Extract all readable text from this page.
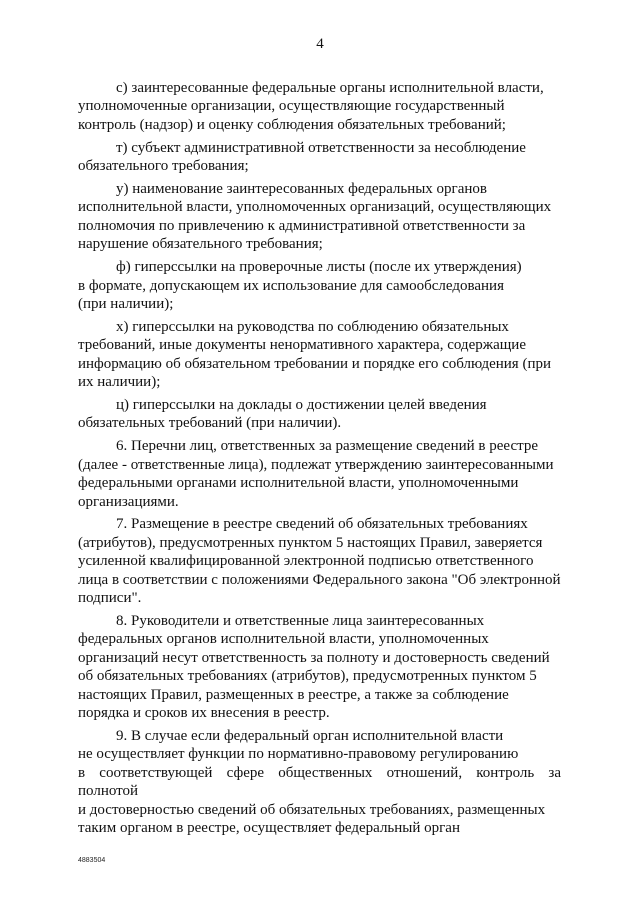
4

с) заинтересованные федеральные органы исполнительной власти,
уполномоченные организации, осуществляющие государственный
контроль (надзор) и оценку соблюдения обязательных требований;

т) субъект административной ответственности за несоблюдение
обязательного требования;

у) наименование заинтересованных федеральных органов
исполнительной власти, уполномоченных организаций, осуществляющих
полномочия по привлечению к административной ответственности за
нарушение обязательного требования;

ф) гиперссылки на проверочные листы (после их утверждения)
в формате, допускающем их использование для самообследования
(при наличии);

х) гиперссылки на руководства по соблюдению обязательных
требований, иные документы ненормативного характера, содержащие
информацию об обязательном требовании и порядке его соблюдения (при
их наличии);

ц) гиперссылки на доклады о достижении целей введения
обязательных требований (при наличии).

6. Перечни лиц, ответственных за размещение сведений в реестре
(далее - ответственные лица), подлежат утверждению заинтересованными
федеральными органами исполнительной власти, уполномоченными
организациями.

7. Размещение в реестре сведений об обязательных требованиях
(атрибутов), предусмотренных пунктом 5 настоящих Правил, заверяется
усиленной квалифицированной электронной подписью ответственного
лица в соответствии с положениями Федерального закона "Об электронной
подписи".

8. Руководители и ответственные лица заинтересованных
федеральных органов исполнительной власти, уполномоченных
организаций несут ответственность за полноту и достоверность сведений
об обязательных требованиях (атрибутов), предусмотренных пунктом 5
настоящих Правил, размещенных в реестре, а также за соблюдение
порядка и сроков их внесения в реестр.

9. В случае если федеральный орган исполнительной власти
не осуществляет функции по нормативно-правовому регулированию
в соответствующей сфере общественных отношений, контроль за полнотой
и достоверностью сведений об обязательных требованиях, размещенных
таким органом в реестре, осуществляет федеральный орган

4883504
